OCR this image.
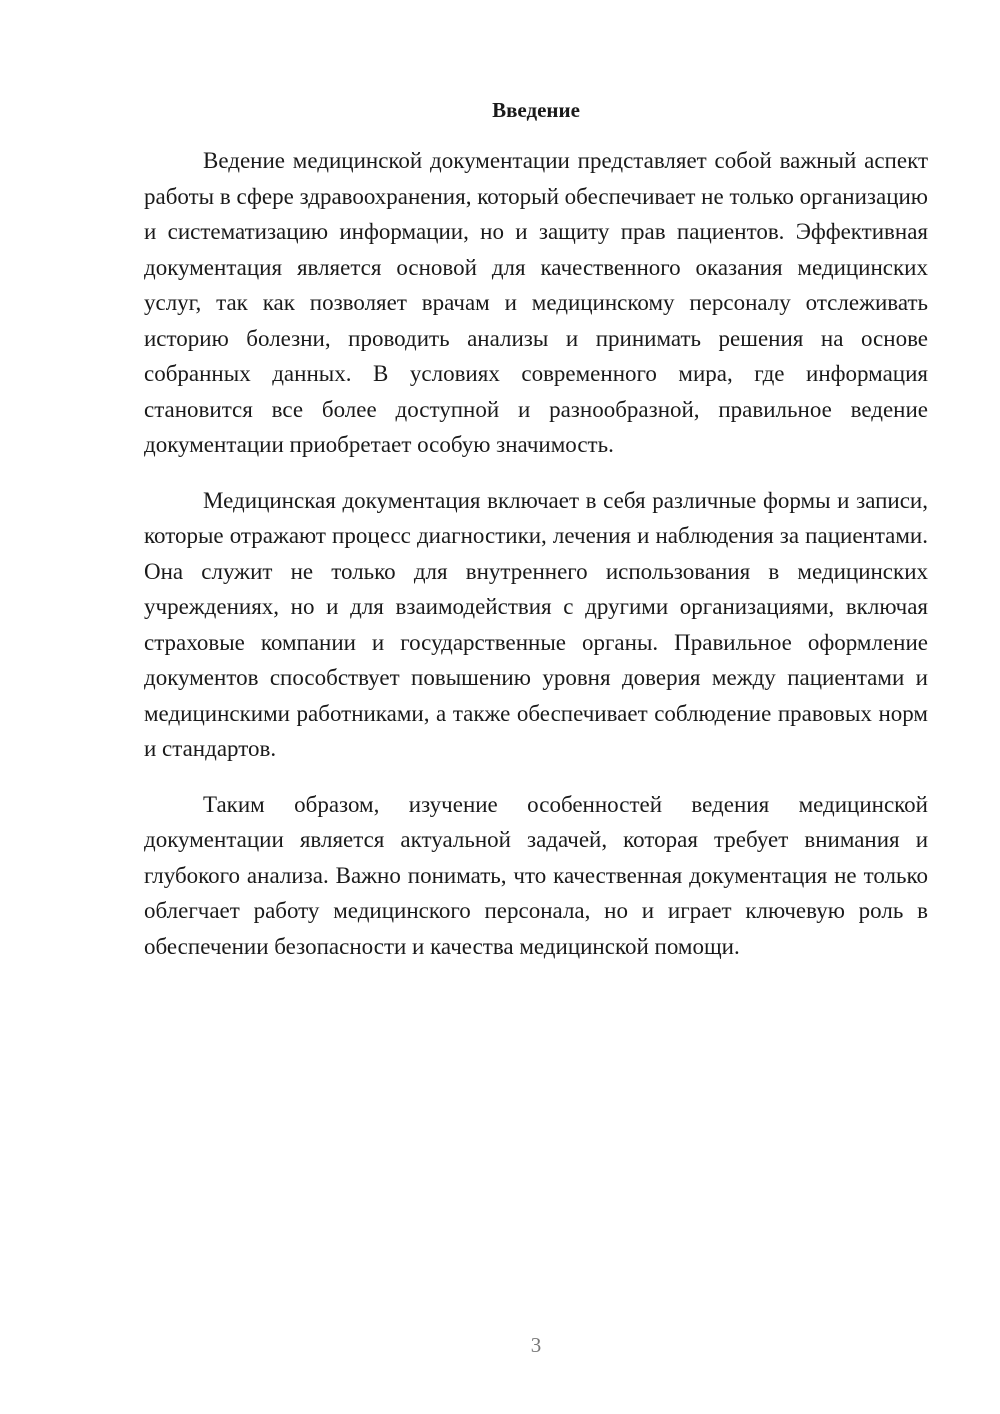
Введение

Ведение медицинской документации представляет собой важный аспект работы в сфере здравоохранения, который обеспечивает не только организацию и систематизацию информации, но и защиту прав пациентов. Эффективная документация является основой для качественного оказания медицинских услуг, так как позволяет врачам и медицинскому персоналу отслеживать историю болезни, проводить анализы и принимать решения на основе собранных данных. В условиях современного мира, где информация становится все более доступной и разнообразной, правильное ведение документации приобретает особую значимость.

Медицинская документация включает в себя различные формы и записи, которые отражают процесс диагностики, лечения и наблюдения за пациентами. Она служит не только для внутреннего использования в медицинских учреждениях, но и для взаимодействия с другими организациями, включая страховые компании и государственные органы. Правильное оформление документов способствует повышению уровня доверия между пациентами и медицинскими работниками, а также обеспечивает соблюдение правовых норм и стандартов.

Таким образом, изучение особенностей ведения медицинской документации является актуальной задачей, которая требует внимания и глубокого анализа. Важно понимать, что качественная документация не только облегчает работу медицинского персонала, но и играет ключевую роль в обеспечении безопасности и качества медицинской помощи.

3
